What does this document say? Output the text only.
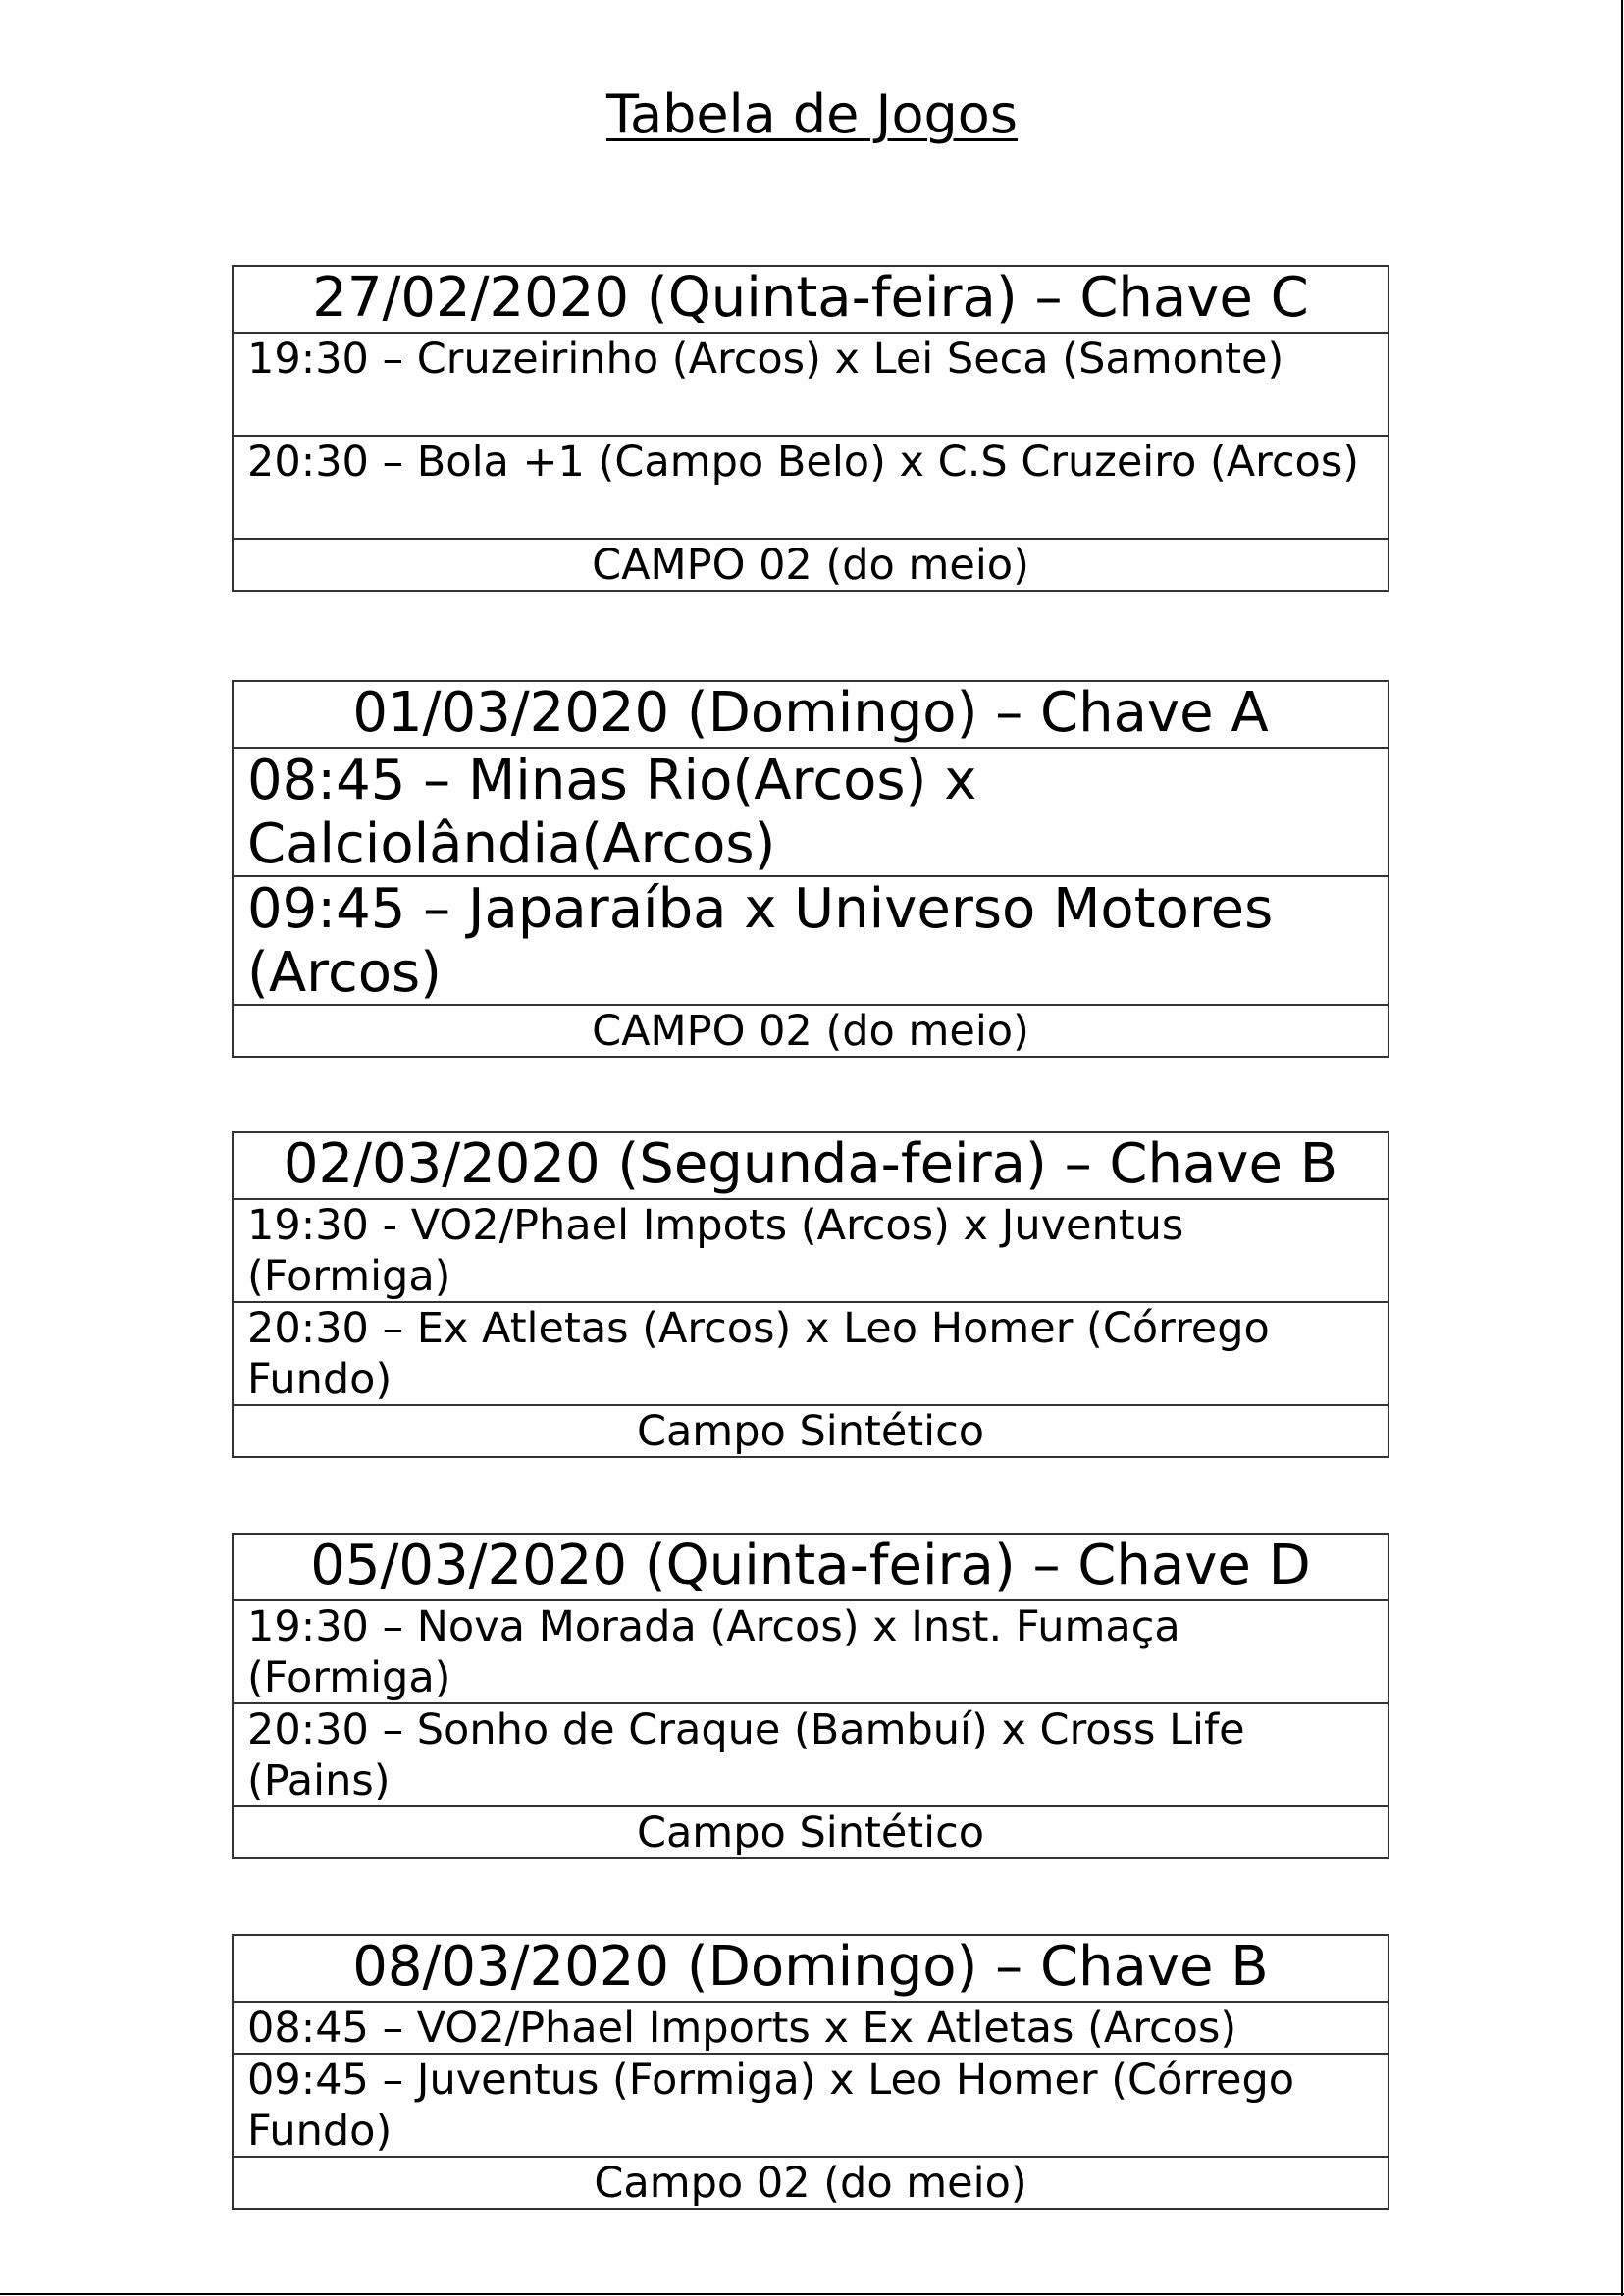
Tabela de Jogos
27/02/2020 (Quinta-feira) – Chave C
19:30 – Cruzeirinho (Arcos) x Lei Seca (Samonte)
20:30 – Bola +1 (Campo Belo) x C.S Cruzeiro (Arcos)
CAMPO 02 (do meio)
01/03/2020 (Domingo) – Chave A
08:45 – Minas Rio(Arcos) x Calciolândia(Arcos)
09:45 – Japaraíba x Universo Motores (Arcos)
CAMPO 02 (do meio)
02/03/2020 (Segunda-feira) – Chave B
19:30 - VO2/Phael Impots (Arcos) x Juventus (Formiga)
20:30 – Ex Atletas (Arcos) x Leo Homer (Córrego Fundo)
Campo Sintético
05/03/2020 (Quinta-feira) – Chave D
19:30 – Nova Morada (Arcos) x Inst. Fumaça (Formiga)
20:30 – Sonho de Craque (Bambuí) x Cross Life (Pains)
Campo Sintético
08/03/2020 (Domingo) – Chave B
08:45 – VO2/Phael Imports x Ex Atletas (Arcos)
09:45 – Juventus (Formiga) x Leo Homer (Córrego Fundo)
Campo 02 (do meio)
